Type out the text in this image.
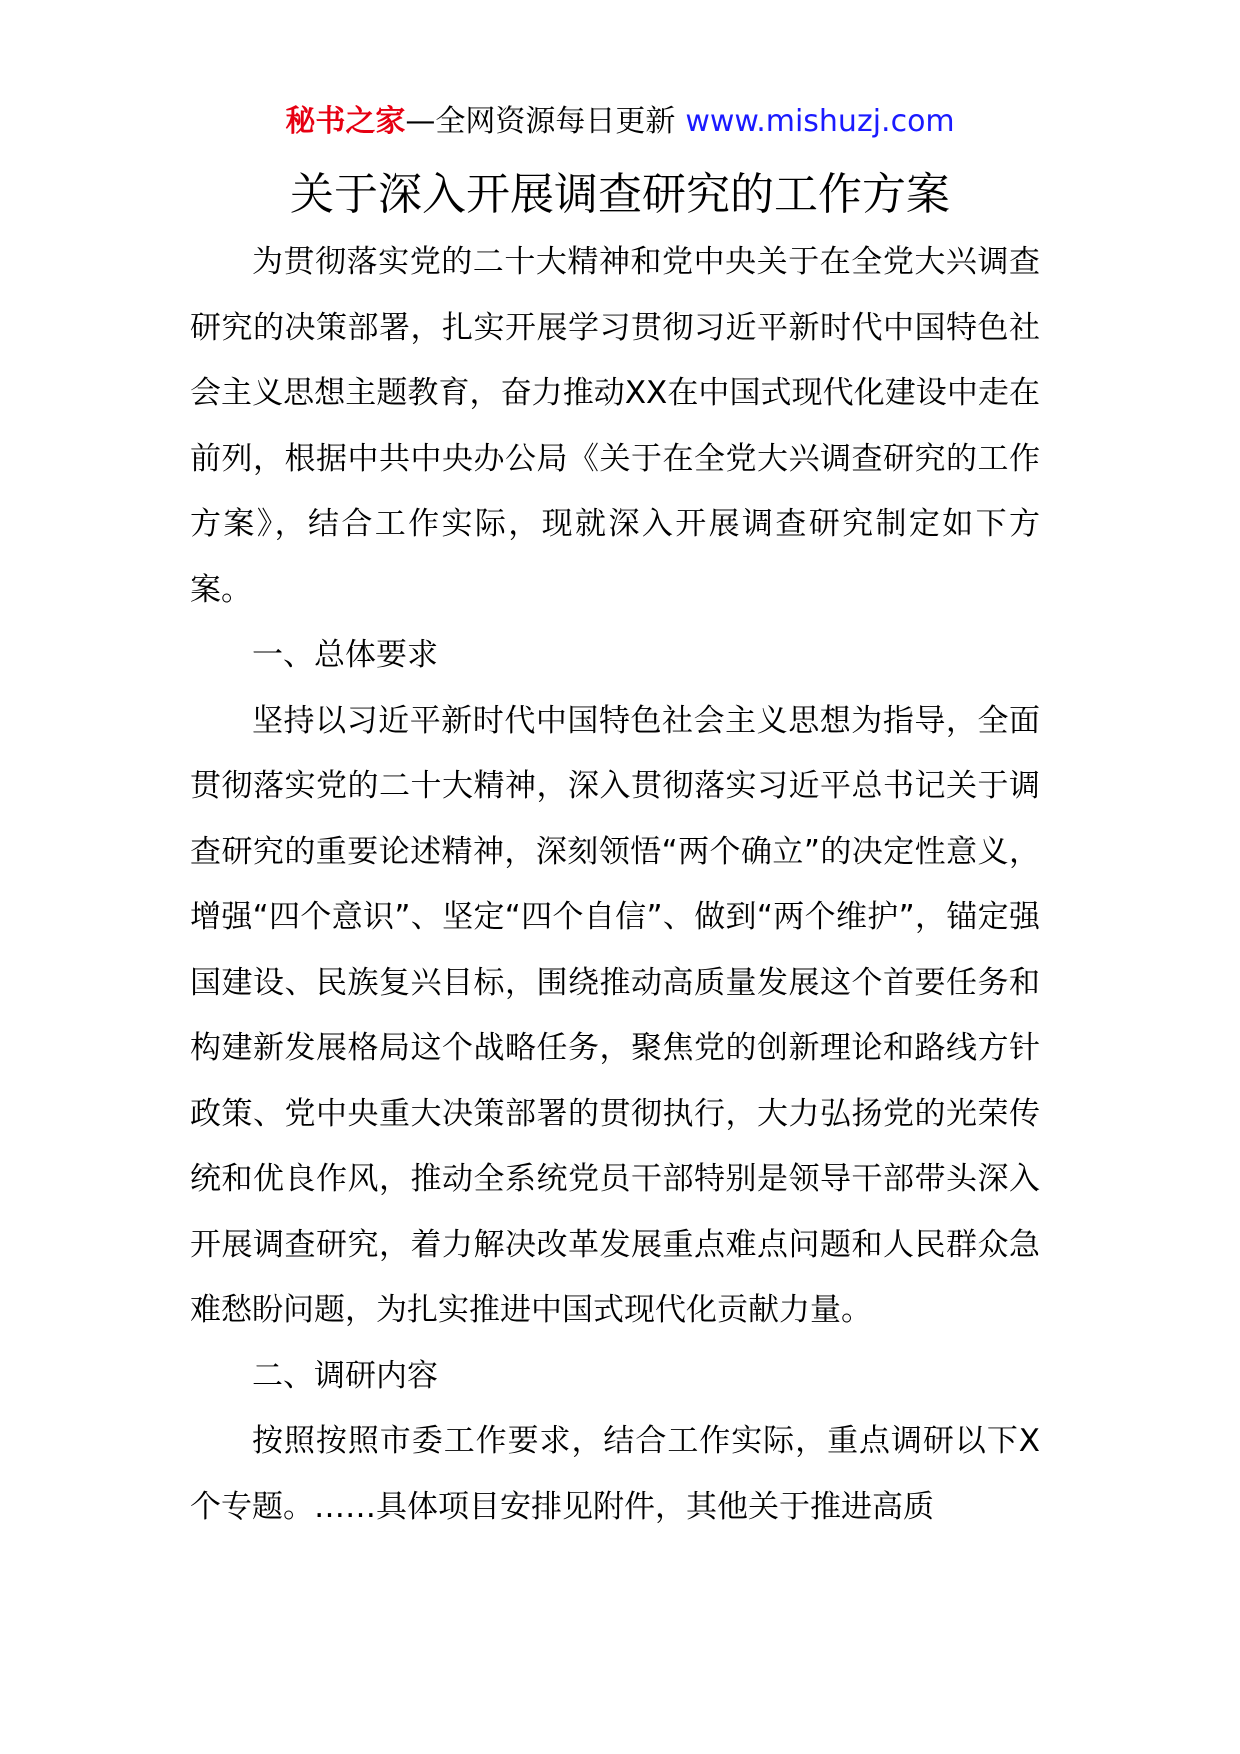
秘书之家—全网资源每日更新 www.mishuzj.com
关于深入开展调查研究的工作方案

为贯彻落实党的二十大精神和党中央关于在全党大兴调查研究的决策部署，扎实开展学习贯彻习近平新时代中国特色社会主义思想主题教育，奋力推动XX在中国式现代化建设中走在前列，根据中共中央办公局《关于在全党大兴调查研究的工作方案》，结合工作实际，现就深入开展调查研究制定如下方案。

一、总体要求

坚持以习近平新时代中国特色社会主义思想为指导，全面贯彻落实党的二十大精神，深入贯彻落实习近平总书记关于调查研究的重要论述精神，深刻领悟“两个确立”的决定性意义，增强“四个意识”、坚定“四个自信”、做到“两个维护”，锚定强国建设、民族复兴目标，围绕推动高质量发展这个首要任务和构建新发展格局这个战略任务，聚焦党的创新理论和路线方针政策、党中央重大决策部署的贯彻执行，大力弘扬党的光荣传统和优良作风，推动全系统党员干部特别是领导干部带头深入开展调查研究，着力解决改革发展重点难点问题和人民群众急难愁盼问题，为扎实推进中国式现代化贡献力量。

二、调研内容

按照按照市委工作要求，结合工作实际，重点调研以下X个专题。……具体项目安排见附件，其他关于推进高质
